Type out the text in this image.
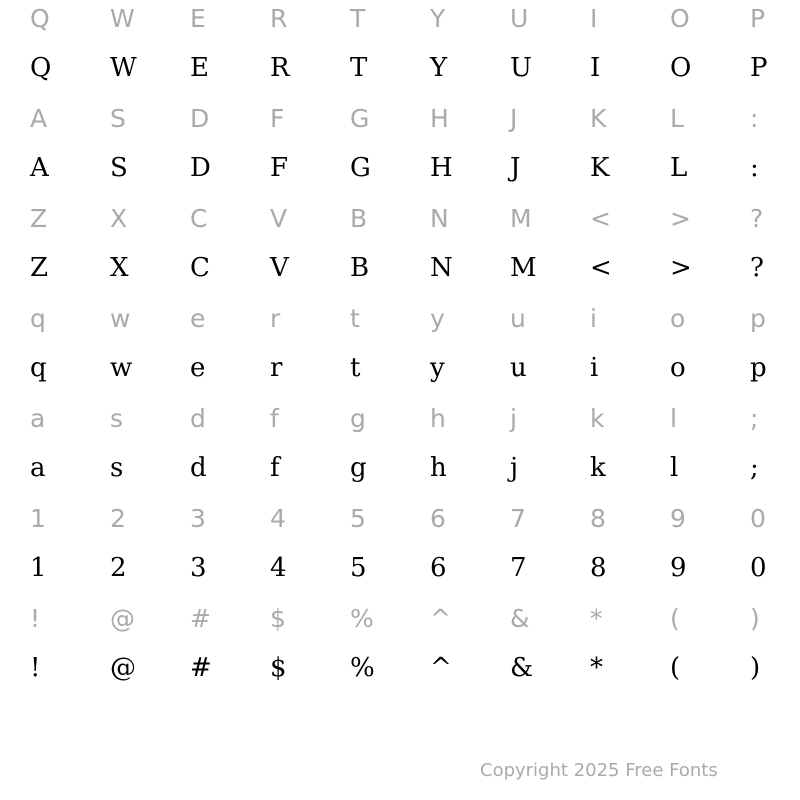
Q	W	E	R	T	Y	U	I	O	P
Q	W	E	R	T	Y	U	I	O	P
A	S	D	F	G	H	J	K	L	:
A	S	D	F	G	H	J	K	L	:
Z	X	C	V	B	N	M	<	>	?
Z	X	C	V	B	N	M	<	>	?
q	w	e	r	t	y	u	i	o	p
q	w	e	r	t	y	u	i	o	p
a	s	d	f	g	h	j	k	l	;
a	s	d	f	g	h	j	k	l	;
1	2	3	4	5	6	7	8	9	0
1	2	3	4	5	6	7	8	9	0
!	@	#	$	%	^	&	*	(	)
!	@	#	$	%	^	&	*	(	)
Copyright 2025 Free Fonts
